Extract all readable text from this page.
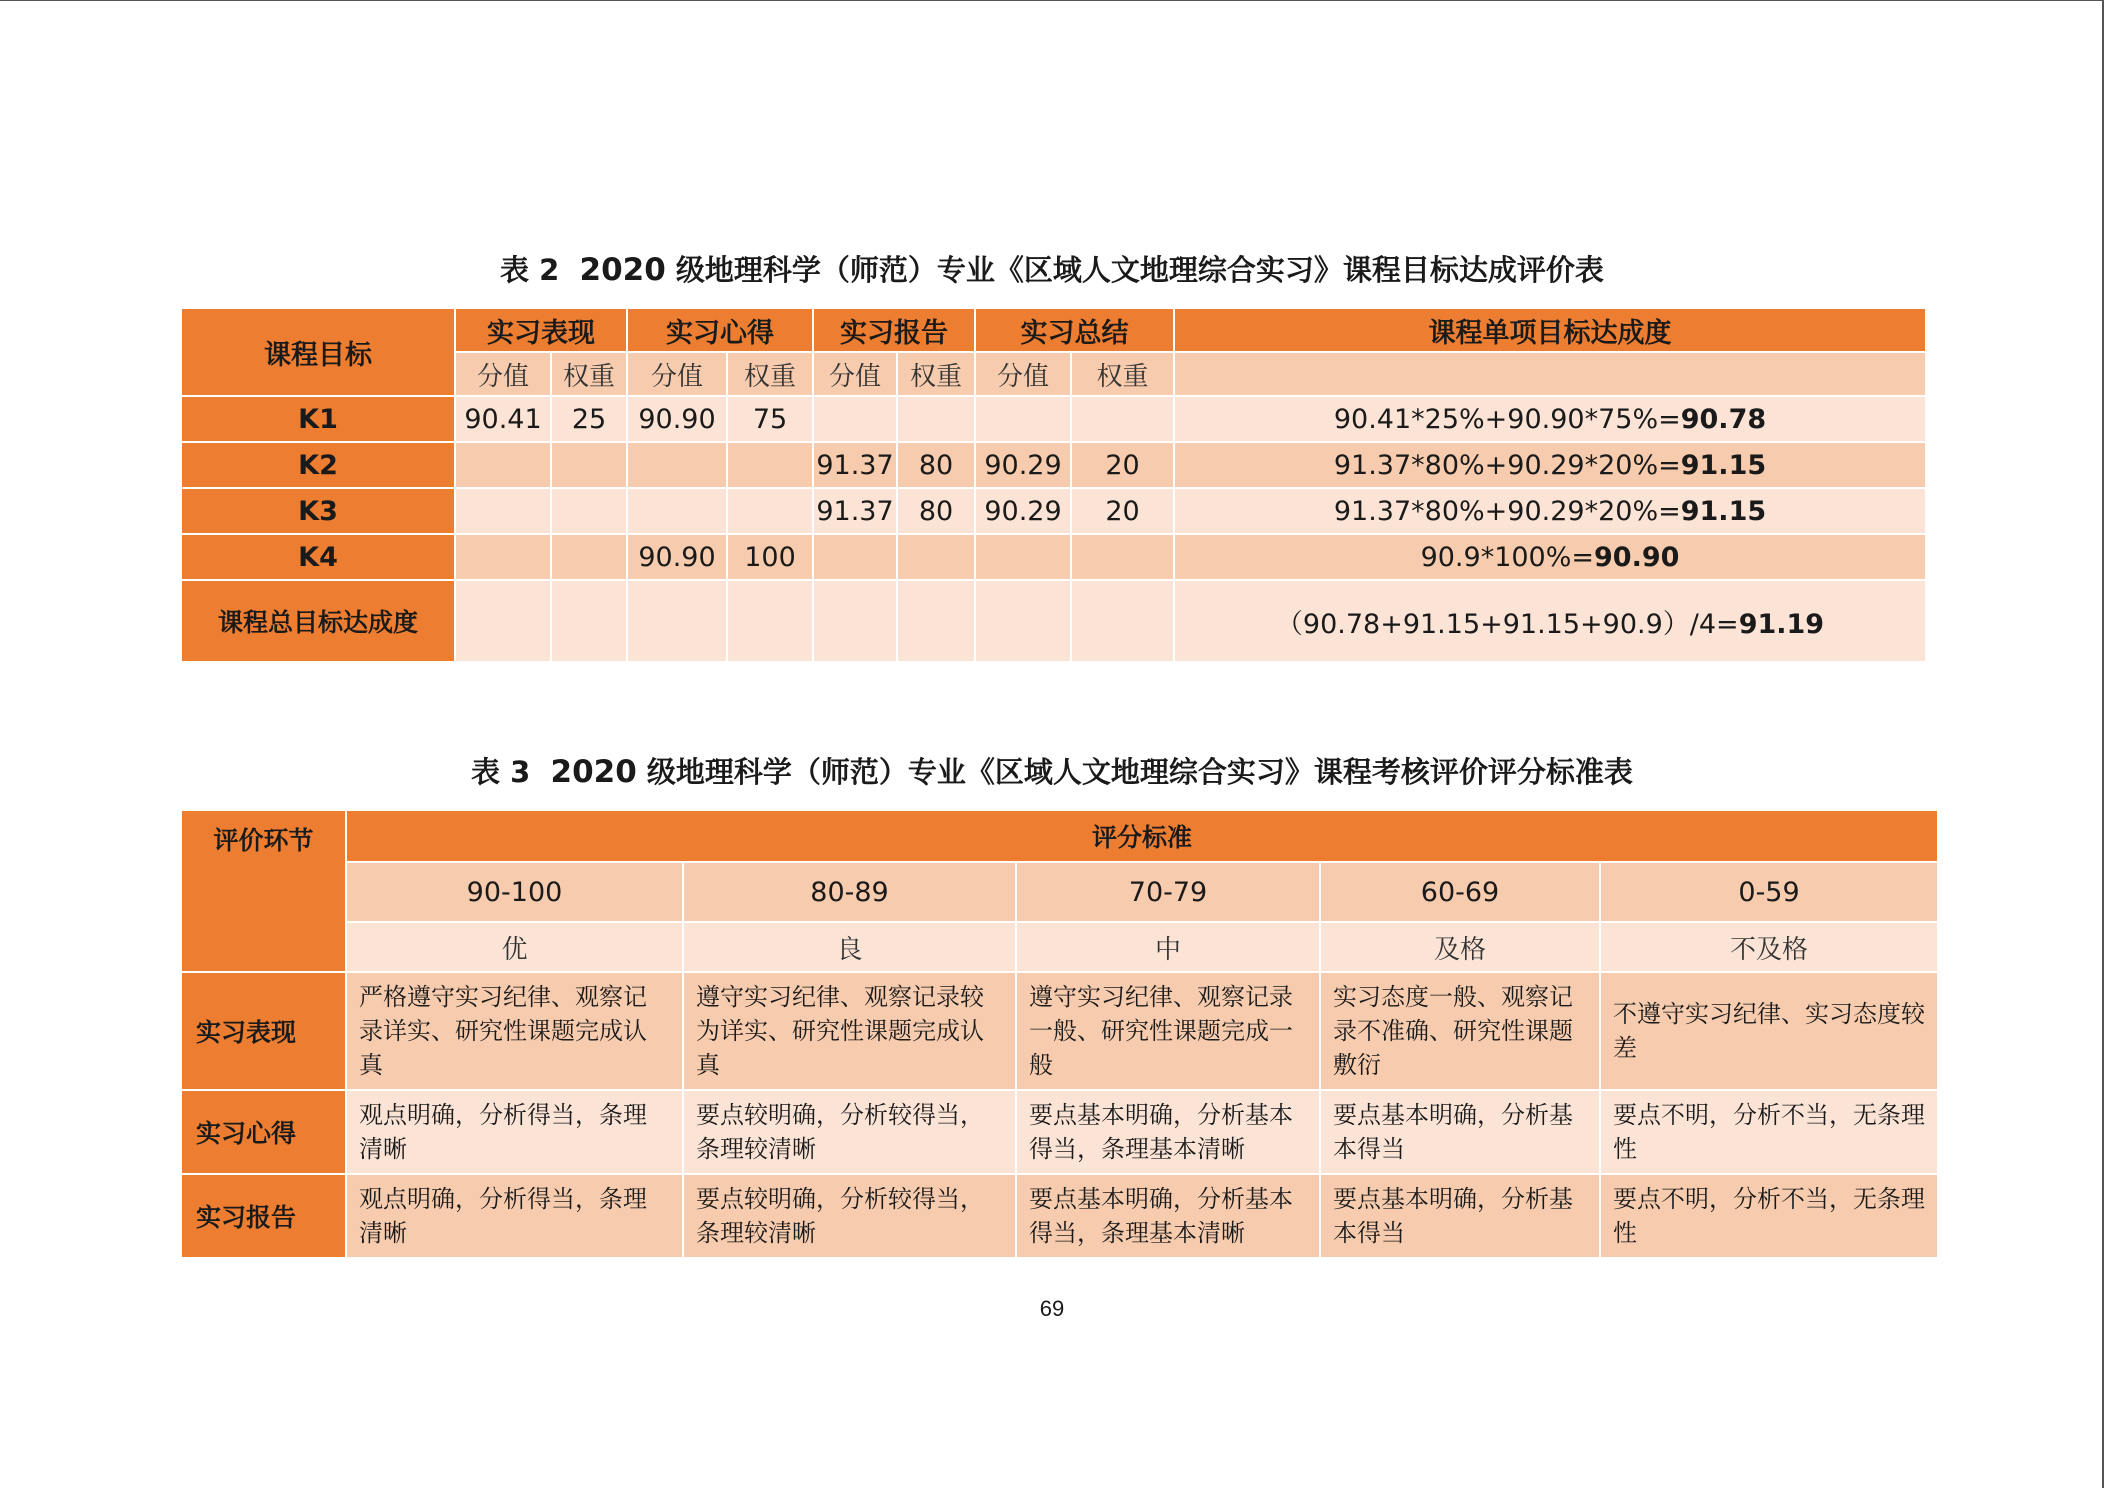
表 2 2020 级地理科学（师范）专业《区域人文地理综合实习》课程目标达成评价表
课程目标	实习表现		实习心得		实习报告		实习总结		课程单项目标达成度
	分值	权重	分值	权重	分值	权重	分值	权重	
K1	90.41	25	90.90	75					90.41*25%+90.90*75%=90.78
K2					91.37	80	90.29	20	91.37*80%+90.29*20%=91.15
K3					91.37	80	90.29	20	91.37*80%+90.29*20%=91.15
K4			90.90	100					90.9*100%=90.90
课程总目标达成度									（90.78+91.15+91.15+90.9）/4=91.19
表 3 2020 级地理科学（师范）专业《区域人文地理综合实习》课程考核评价评分标准表
评价环节	评分标准				
	90-100	80-89	70-79	60-69	0-59
	优	良	中	及格	不及格
实习表现	严格遵守实习纪律、观察记录详实、研究性课题完成认真	遵守实习纪律、观察记录较为详实、研究性课题完成认真	遵守实习纪律、观察记录一般、研究性课题完成一般	实习态度一般、观察记录不准确、研究性课题敷衍	不遵守实习纪律、实习态度较差
实习心得	观点明确，分析得当，条理清晰	要点较明确，分析较得当，条理较清晰	要点基本明确，分析基本得当，条理基本清晰	要点基本明确，分析基本得当	要点不明，分析不当，无条理性
实习报告	观点明确，分析得当，条理清晰	要点较明确，分析较得当，条理较清晰	要点基本明确，分析基本得当，条理基本清晰	要点基本明确，分析基本得当	要点不明，分析不当，无条理性
69
